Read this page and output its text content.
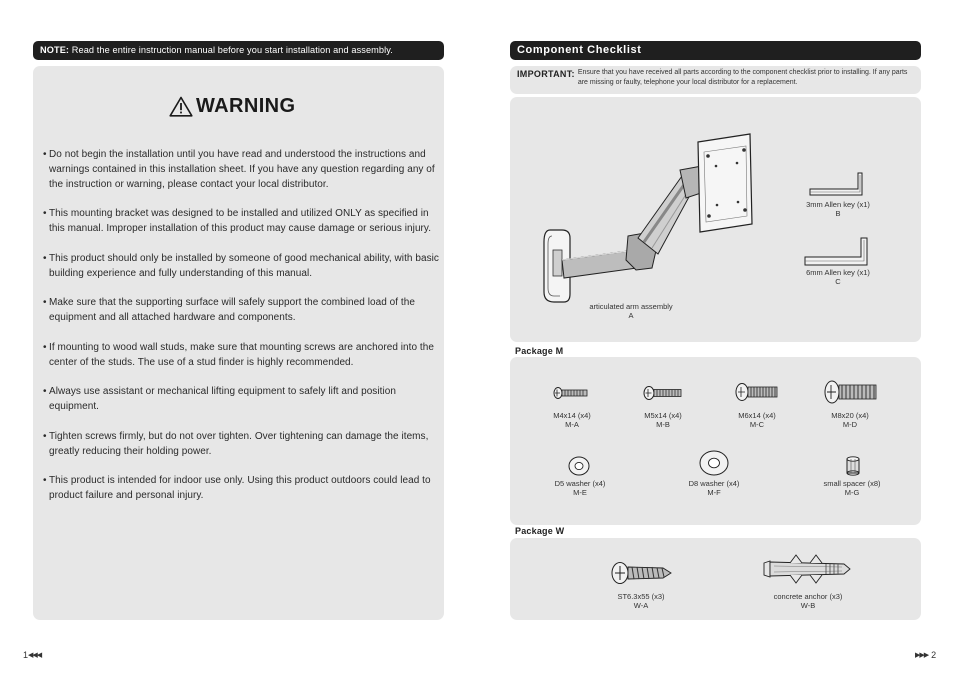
NOTE: Read the entire instruction manual before you start installation and assembly.	Component Checklist
WARNING
• Do not begin the installation until you have read and understood the instructions and warnings contained in this installation sheet. If you have any question regarding any of the instruction or warning, please contact your local distributor.
• This mounting bracket was designed to be installed and utilized ONLY as specified in this manual. Improper installation of this product may cause damage or serious injury.
• This product should only be installed by someone of good mechanical ability, with basic building experience and fully understanding of this manual.
• Make sure that the supporting surface will safely support the combined load of the equipment and all attached hardware and components.
• If mounting to wood wall studs, make sure that mounting screws are anchored into the center of the studs. The use of a stud finder is highly recommended.
• Always use assistant or mechanical lifting equipment to safely lift and position equipment.
• Tighten screws firmly, but do not over tighten. Over tightening can damage the items, greatly reducing their holding power.
• This product is intended for indoor use only. Using this product outdoors could lead to product failure and personal injury.
IMPORTANT: Ensure that you have received all parts according to the component checklist prior to installing. If any parts are missing or faulty, telephone your local distributor for a replacement.
articulated arm assembly
A
3mm Allen key (x1)
B
6mm Allen key (x1)
C
Package M
M4x14 (x4)
M-A
M5x14 (x4)
M-B
M6x14 (x4)
M-C
M8x20 (x4)
M-D
D5 washer (x4)
M-E
D8 washer (x4)
M-F
small spacer (x8)
M-G
Package W
ST6.3x55 (x3)
W-A
concrete anchor (x3)
W-B
1 ◀◀◀	▶▶▶ 2
